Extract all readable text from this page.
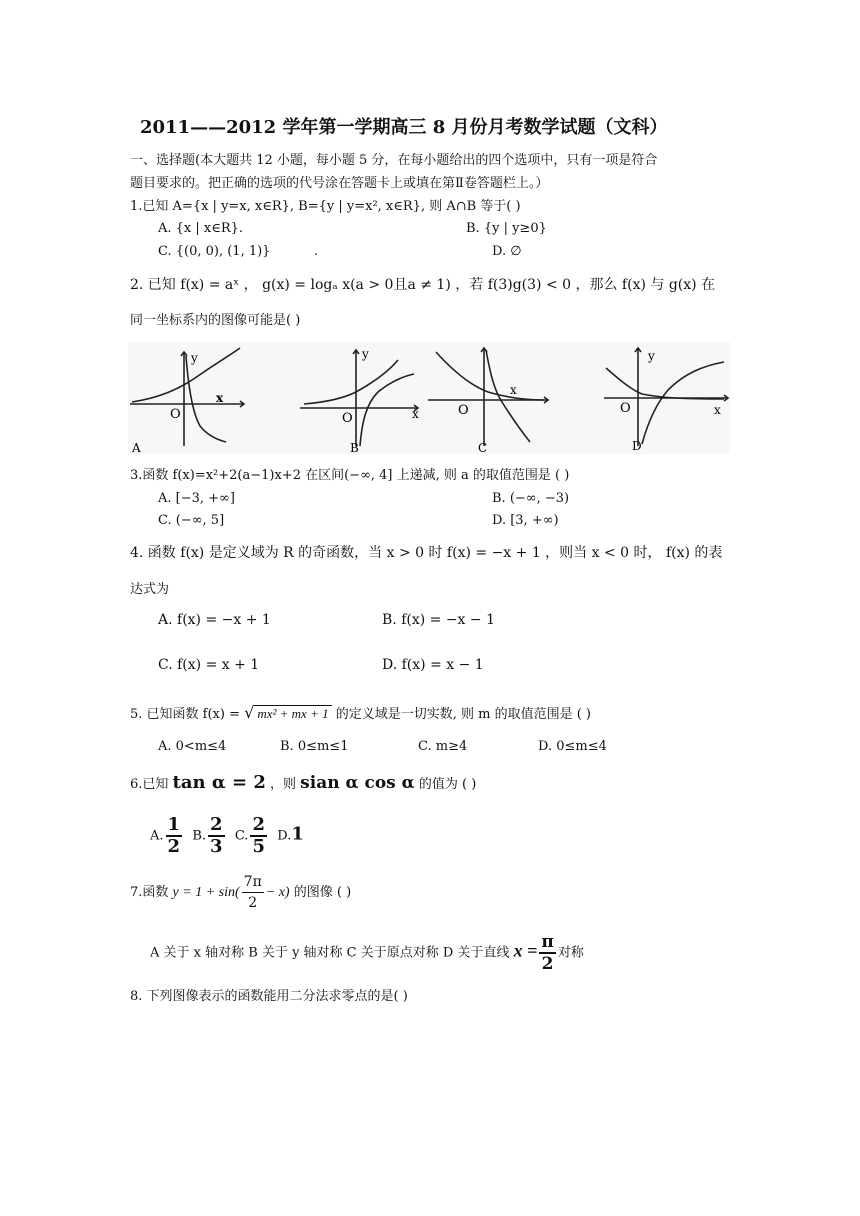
2011——2012 学年第一学期高三 8 月份月考数学试题（文科）
一、选择题(本大题共 12 小题，每小题 5 分，在每小题给出的四个选项中，只有一项是符合
题目要求的。把正确的选项的代号涂在答题卡上或填在第Ⅱ卷答题栏上。）
1.已知 A={x | y=x, x∈R}, B={y | y=x², x∈R}, 则 A∩B 等于( )
A. {x | x∈R}.	B. {y | y≥0}
C. {(0, 0), (1, 1)}	.	D. ∅
2. 已知 f(x) = aˣ ， g(x) = logₐ x(a > 0且a ≠ 1) ，若 f(3)g(3) < 0 ，那么 f(x) 与 g(x) 在
同一坐标系内的图像可能是( )
y
x
O
A
y
x
O
B
x
O
C
y
x
O
D
3.函数 f(x)=x²+2(a−1)x+2 在区间(−∞, 4] 上递减, 则 a 的取值范围是 ( )
A. [−3, +∞]	B. (−∞, −3)
C. (−∞, 5]	D. [3, +∞)
4. 函数 f(x) 是定义域为 R 的奇函数，当 x > 0 时 f(x) = −x + 1 ，则当 x < 0 时， f(x) 的表
达式为
A. f(x) = −x + 1	B. f(x) = −x − 1
C. f(x) = x + 1	D. f(x) = x − 1
5. 已知函数 f(x) = √ mx² + mx + 1 的定义域是一切实数, 则 m 的取值范围是 ( )
A. 0<m≤4	B. 0≤m≤1	C. m≥4	D. 0≤m≤4
6.已知 tan α = 2 ，则 sian α cos α 的值为 ( )
A. $\frac{1}{2} B$. $\frac{2}{3} C$. $\frac{2}{5} D.1$
7.函数 $y = 1 + \sin( \frac{7\pi}{2} - x)$ 的图像 ( )
A 关于 x 轴对称 B 关于 y 轴对称 C 关于原点对称 D 关于直线 $x = \frac{\pi}{2}$ 对称
8. 下列图像表示的函数能用二分法求零点的是( )
